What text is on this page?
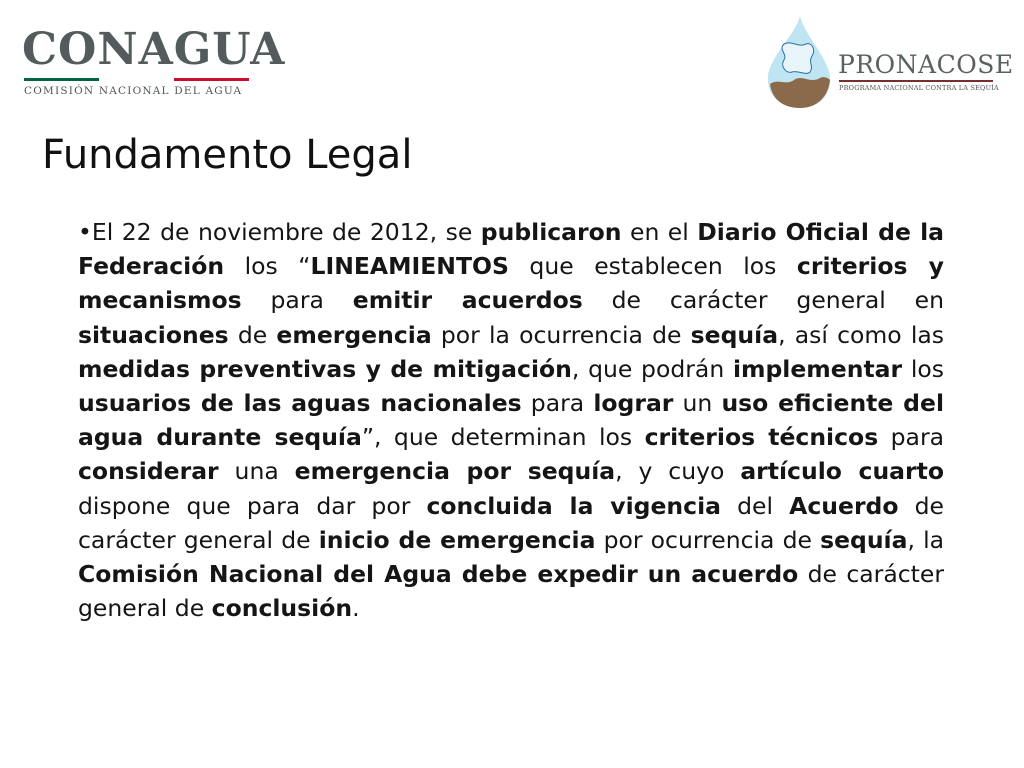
CONAGUA
COMISIÓN NACIONAL DEL AGUA
PRONACOSE
PROGRAMA NACIONAL CONTRA LA SEQUÍA
Fundamento Legal

•El 22 de noviembre de 2012, se publicaron en el Diario Oficial de la Federación los “LINEAMIENTOS que establecen los criterios y mecanismos para emitir acuerdos de carácter general en situaciones de emergencia por la ocurrencia de sequía, así como las medidas preventivas y de mitigación, que podrán implementar los usuarios de las aguas nacionales para lograr un uso eficiente del agua durante sequía”, que determinan los criterios técnicos para considerar una emergencia por sequía, y cuyo artículo cuarto dispone que para dar por concluida la vigencia del Acuerdo de carácter general de inicio de emergencia por ocurrencia de sequía, la Comisión Nacional del Agua debe expedir un acuerdo de carácter general de conclusión.
